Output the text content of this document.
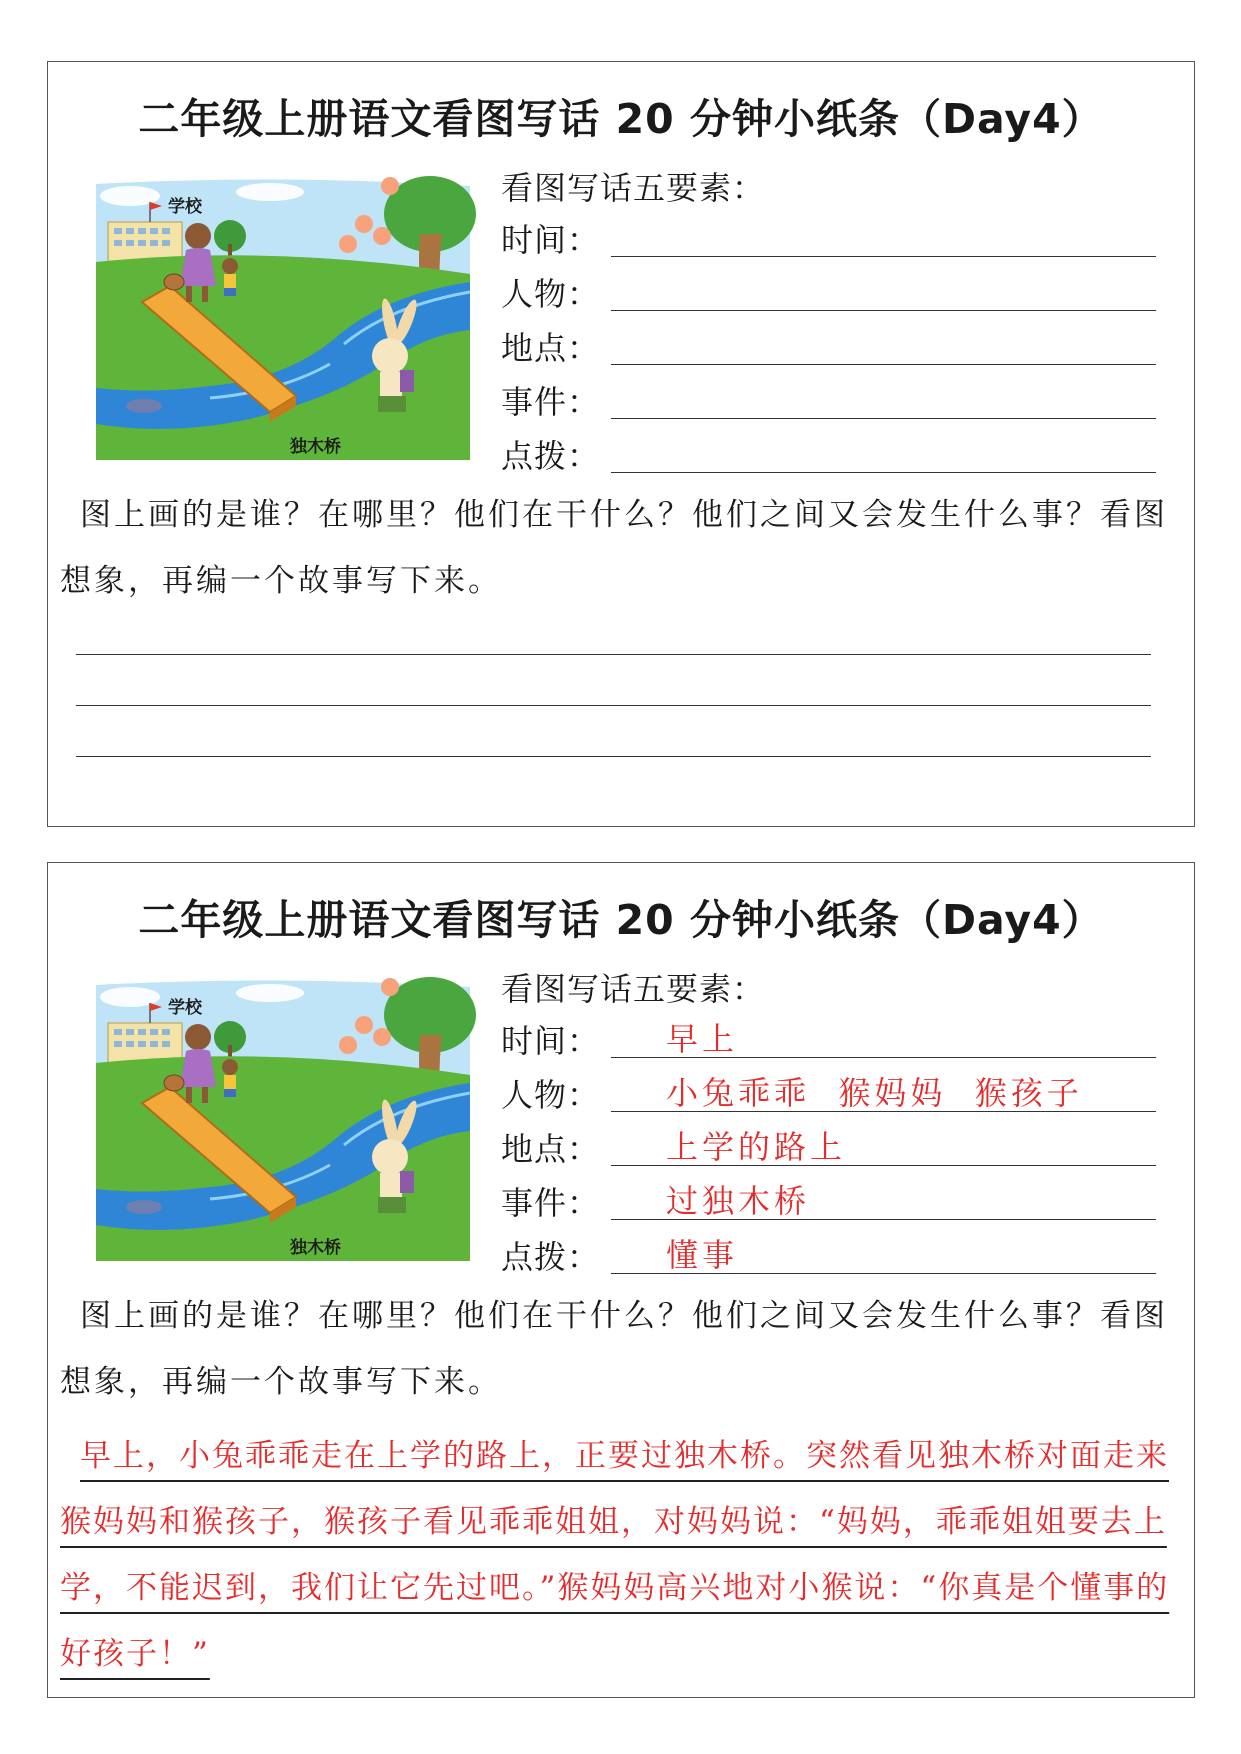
二年级上册语文看图写话 20 分钟小纸条（Day4）
学校
独木桥
看图写话五要素：
时间：
人物：
地点：
事件：
点拨：

图上画的是谁？在哪里？他们在干什么？他们之间又会发生什么事？看图想象，再编一个故事写下来。

二年级上册语文看图写话 20 分钟小纸条（Day4）
学校
独木桥
看图写话五要素：
时间： 早上
人物： 小兔乖乖  猴妈妈  猴孩子
地点： 上学的路上
事件： 过独木桥
点拨： 懂事

图上画的是谁？在哪里？他们在干什么？他们之间又会发生什么事？看图想象，再编一个故事写下来。

早上，小兔乖乖走在上学的路上，正要过独木桥。突然看见独木桥对面走来猴妈妈和猴孩子，猴孩子看见乖乖姐姐，对妈妈说：“妈妈，乖乖姐姐要去上学，不能迟到，我们让它先过吧。”猴妈妈高兴地对小猴说：“你真是个懂事的好孩子！”
